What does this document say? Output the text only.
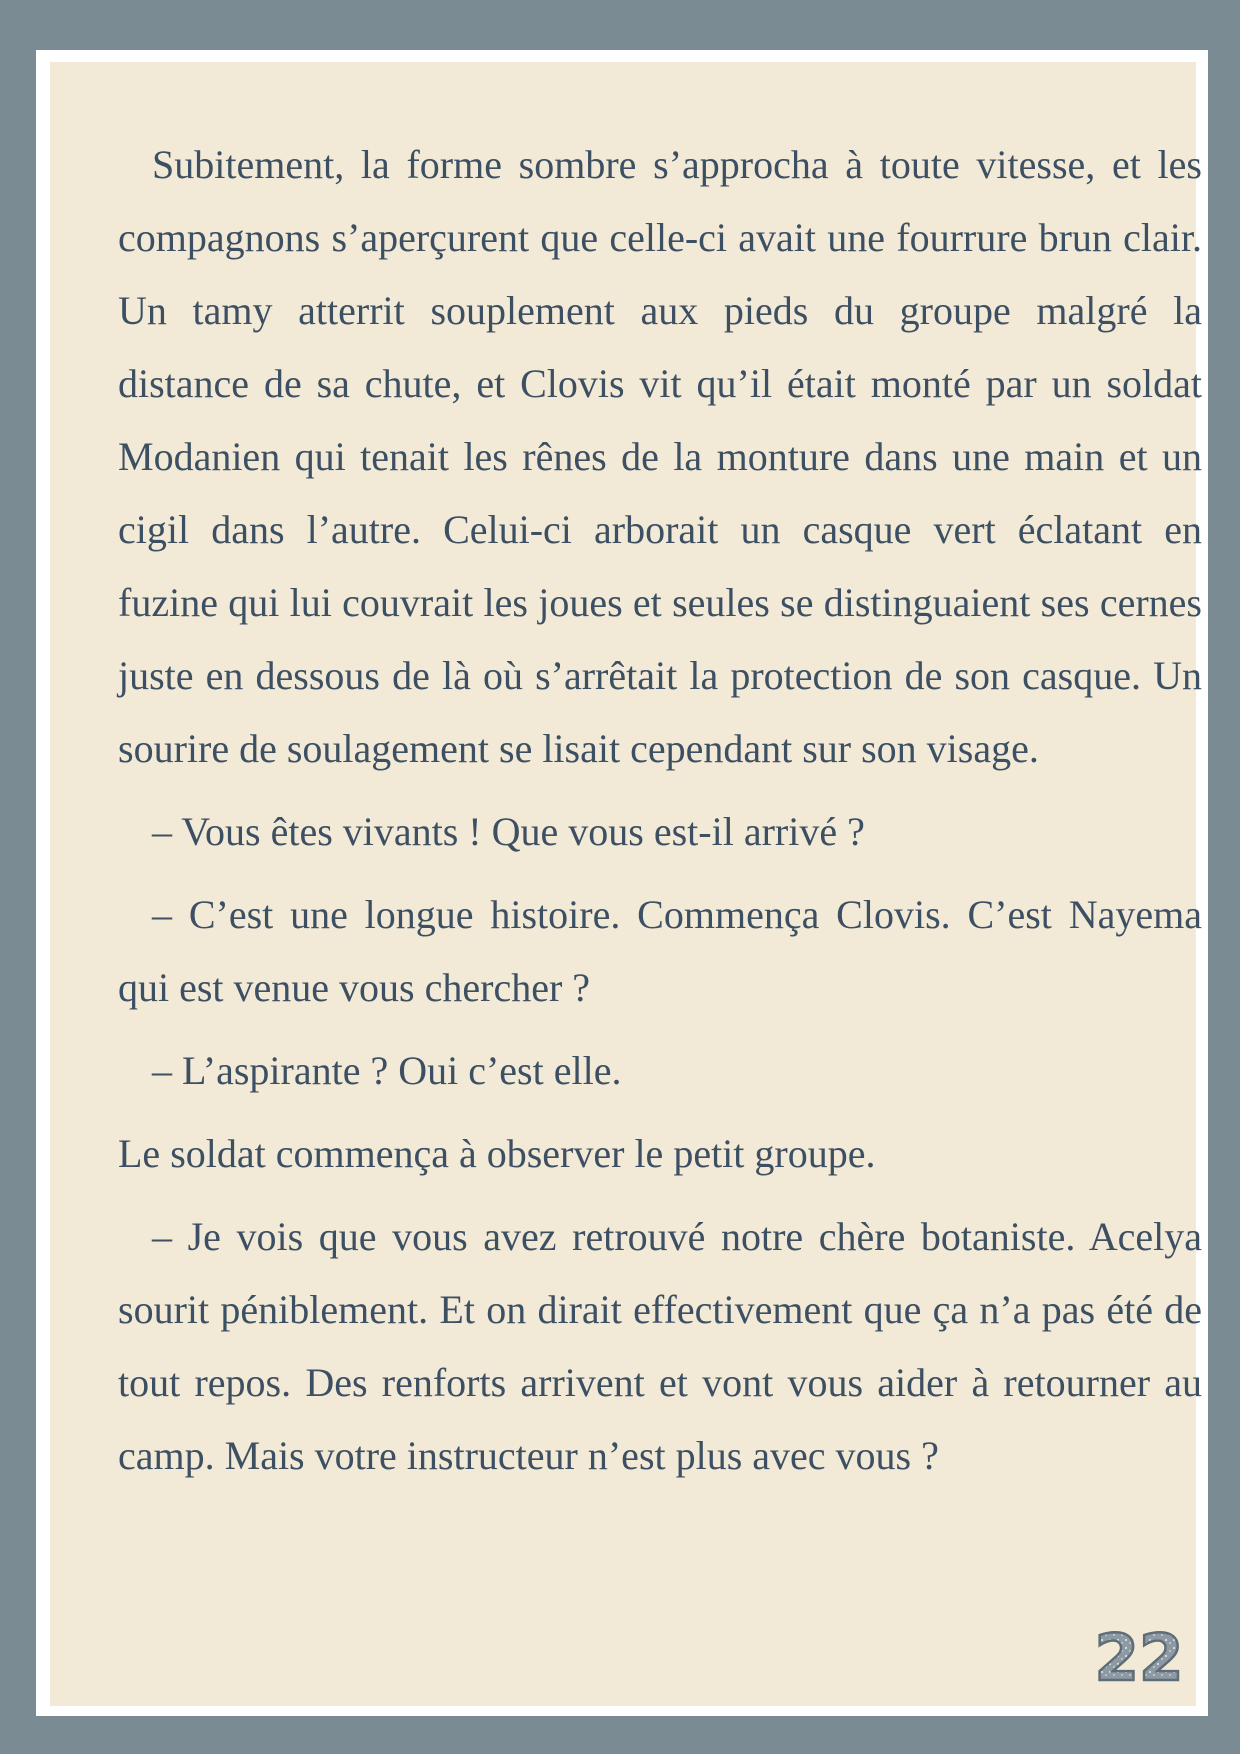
Subitement, la forme sombre s’approcha à toute vitesse, et les compagnons s’aperçurent que celle-ci avait une fourrure brun clair. Un tamy atterrit souplement aux pieds du groupe malgré la distance de sa chute, et Clovis vit qu’il était monté par un soldat Modanien qui tenait les rênes de la monture dans une main et un cigil dans l’autre. Celui-ci arborait un casque vert éclatant en fuzine qui lui couvrait les joues et seules se distinguaient ses cernes juste en dessous de là où s’arrêtait la protection de son casque. Un sourire de soulagement se lisait cependant sur son visage.

– Vous êtes vivants ! Que vous est-il arrivé ?

– C’est une longue histoire. Commença Clovis. C’est Nayema qui est venue vous chercher ?

– L’aspirante ? Oui c’est elle.

Le soldat commença à observer le petit groupe.

– Je vois que vous avez retrouvé notre chère botaniste. Acelya sourit péniblement. Et on dirait effectivement que ça n’a pas été de tout repos. Des renforts arrivent et vont vous aider à retourner au camp. Mais votre instructeur n’est plus avec vous ?

22
